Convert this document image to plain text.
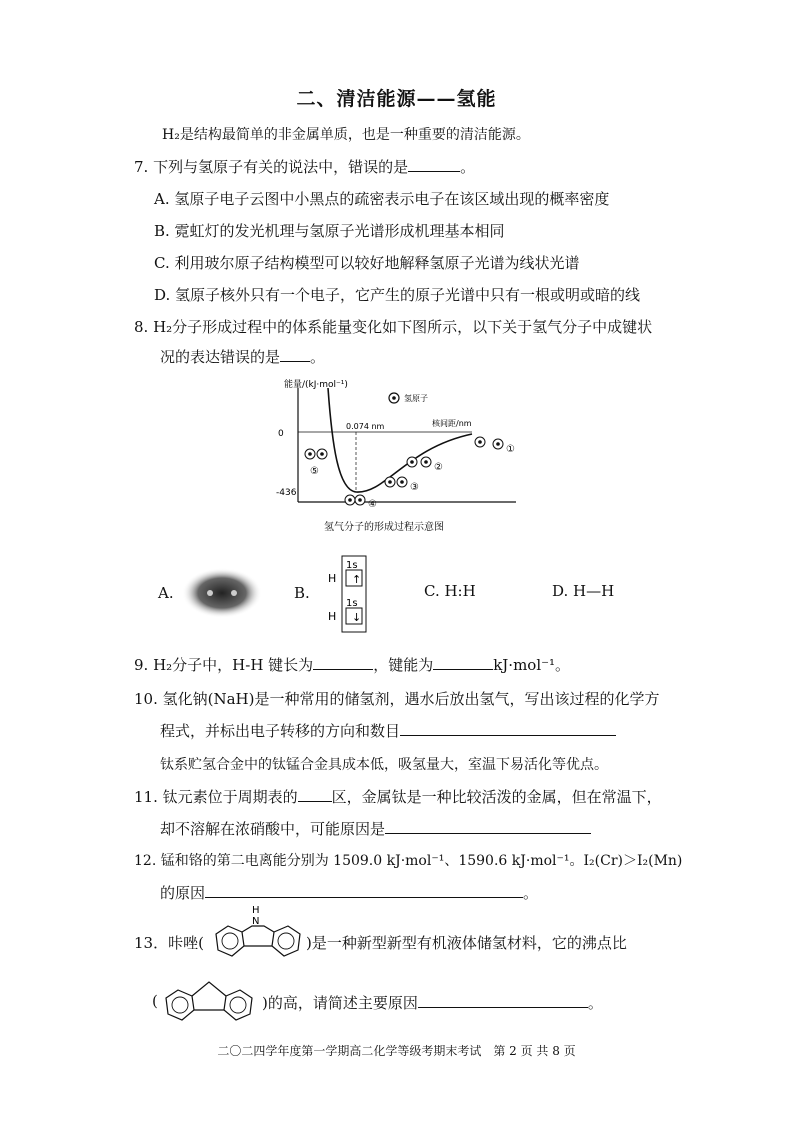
二、清洁能源——氢能
H₂是结构最简单的非金属单质，也是一种重要的清洁能源。
7. 下列与氢原子有关的说法中，错误的是	。
A. 氢原子电子云图中小黑点的疏密表示电子在该区域出现的概率密度
B. 霓虹灯的发光机理与氢原子光谱形成机理基本相同
C. 利用玻尔原子结构模型可以较好地解释氢原子光谱为线状光谱
D. 氢原子核外只有一个电子，它产生的原子光谱中只有一根或明或暗的线
8. H₂分子形成过程中的体系能量变化如下图所示，以下关于氢气分子中成键状
况的表达错误的是 。
能量/(kJ·mol⁻¹)
0
-436
0.074 nm	核间距/nm
氢原子
①
②
③
④
⑤
氢气分子的形成过程示意图
A.	B.
1s
↑
H
1s
↓
H
C. H:H	D. H—H
9. H₂分子中，H-H 键长为	，键能为	kJ·mol⁻¹。
10. 氢化钠(NaH)是一种常用的储氢剂，遇水后放出氢气，写出该过程的化学方
程式，并标出电子转移的方向和数目
钛系贮氢合金中的钛锰合金具成本低，吸氢量大，室温下易活化等优点。
11. 钛元素位于周期表的 区，金属钛是一种比较活泼的金属，但在常温下，
却不溶解在浓硝酸中，可能原因是
12. 锰和铬的第二电离能分别为 1509.0 kJ·mol⁻¹、1590.6 kJ·mol⁻¹。I₂(Cr)＞I₂(Mn)
的原因	。
13．咔唑(
H
N
)是一种新型新型有机液体储氢材料，它的沸点比
(	)的高，请简述主要原因	。
二〇二四学年度第一学期高二化学等级考期末考试　第 2 页 共 8 页
